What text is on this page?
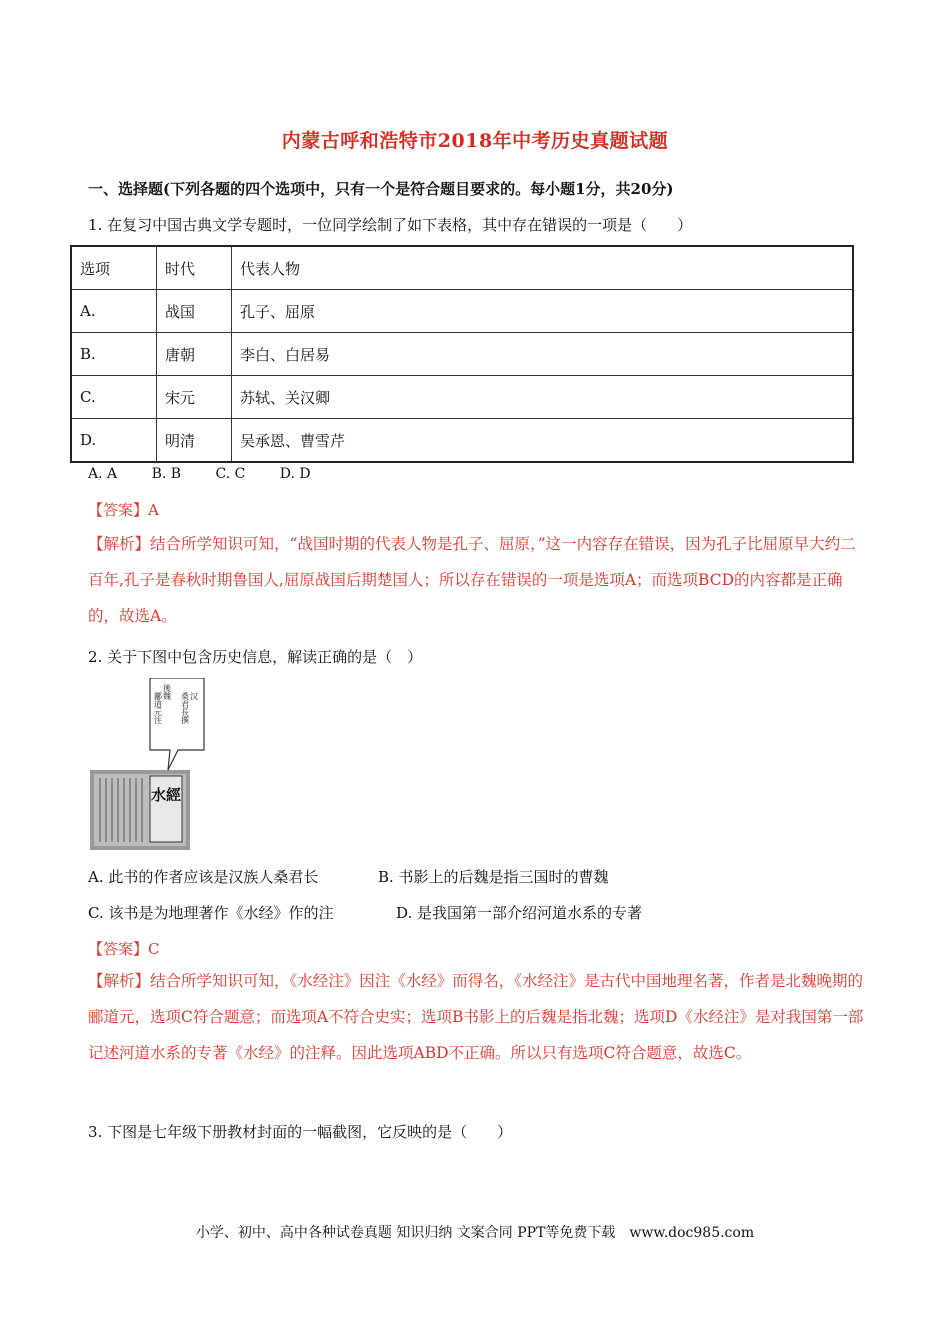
内蒙古呼和浩特市2018年中考历史真题试题
一、选择题(下列各题的四个选项中，只有一个是符合题目要求的。每小题1分，共20分)
1. 在复习中国古典文学专题时，一位同学绘制了如下表格，其中存在错误的一项是（　　）
选项	时代	代表人物
A.	战国	孔子、屈原
B.	唐朝	李白、白居易
C.	宋元	苏轼、关汉卿
D.	明清	吴承恩、曹雪芹
A. A B. B C. C D. D
【答案】A
【解析】结合所学知识可知，“战国时期的代表人物是孔子、屈原，”这一内容存在错误，因为孔子比屈原早大约二百年,孔子是春秋时期鲁国人,屈原战国后期楚国人；所以存在错误的一项是选项A；而选项BCD的内容都是正确的，故选A。
2. 关于下图中包含历史信息，解读正确的是（　）
水經
汉
桑君長撰
後魏
酈道元注
A. 此书的作者应该是汉族人桑君长	B. 书影上的后魏是指三国时的曹魏
C. 该书是为地理著作《水经》作的注	D. 是我国第一部介绍河道水系的专著
【答案】C
【解析】结合所学知识可知，《水经注》因注《水经》而得名，《水经注》是古代中国地理名著，作者是北魏晚期的郦道元，选项C符合题意；而选项A不符合史实；选项B书影上的后魏是指北魏；选项D《水经注》是对我国第一部记述河道水系的专著《水经》的注释。因此选项ABD不正确。所以只有选项C符合题意，故选C。
3. 下图是七年级下册教材封面的一幅截图，它反映的是（　　）
小学、初中、高中各种试卷真题 知识归纳 文案合同 PPT等免费下载　www.doc985.com
